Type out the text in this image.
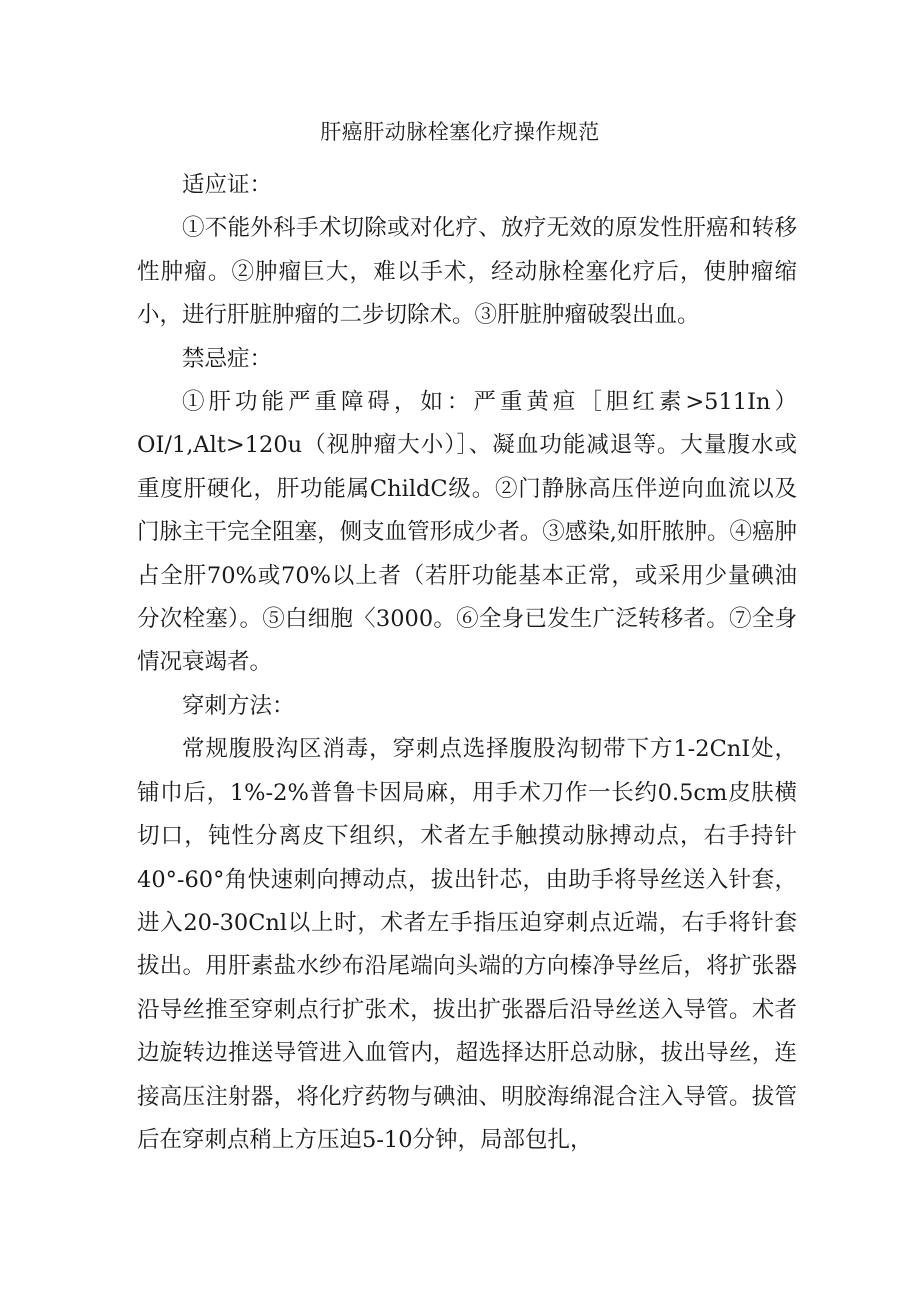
肝癌肝动脉栓塞化疗操作规范

适应证：

①不能外科手术切除或对化疗、放疗无效的原发性肝癌和转移性肿瘤。②肿瘤巨大，难以手术，经动脉栓塞化疗后，使肿瘤缩小，进行肝脏肿瘤的二步切除术。③肝脏肿瘤破裂出血。

禁忌症：

①肝功能严重障碍，如：严重黄疸［胆红素>511In）OI/1,Alt>120u（视肿瘤大小）］、凝血功能减退等。大量腹水或重度肝硬化，肝功能属ChildC级。②门静脉高压伴逆向血流以及门脉主干完全阻塞，侧支血管形成少者。③感染,如肝脓肿。④癌肿占全肝70%或70%以上者（若肝功能基本正常，或采用少量碘油分次栓塞）。⑤白细胞〈3000。⑥全身已发生广泛转移者。⑦全身情况衰竭者。

穿刺方法：

常规腹股沟区消毒，穿刺点选择腹股沟韧带下方1-2CnI处，铺巾后，1%-2%普鲁卡因局麻，用手术刀作一长约0.5cm皮肤横切口，钝性分离皮下组织，术者左手触摸动脉搏动点，右手持针40°-60°角快速刺向搏动点，拔出针芯，由助手将导丝送入针套，进入20-30Cnl以上时，术者左手指压迫穿刺点近端，右手将针套拔出。用肝素盐水纱布沿尾端向头端的方向榛净导丝后，将扩张器沿导丝推至穿刺点行扩张术，拔出扩张器后沿导丝送入导管。术者边旋转边推送导管进入血管内，超选择达肝总动脉，拔出导丝，连接高压注射器，将化疗药物与碘油、明胶海绵混合注入导管。拔管后在穿刺点稍上方压迫5-10分钟，局部包扎，
